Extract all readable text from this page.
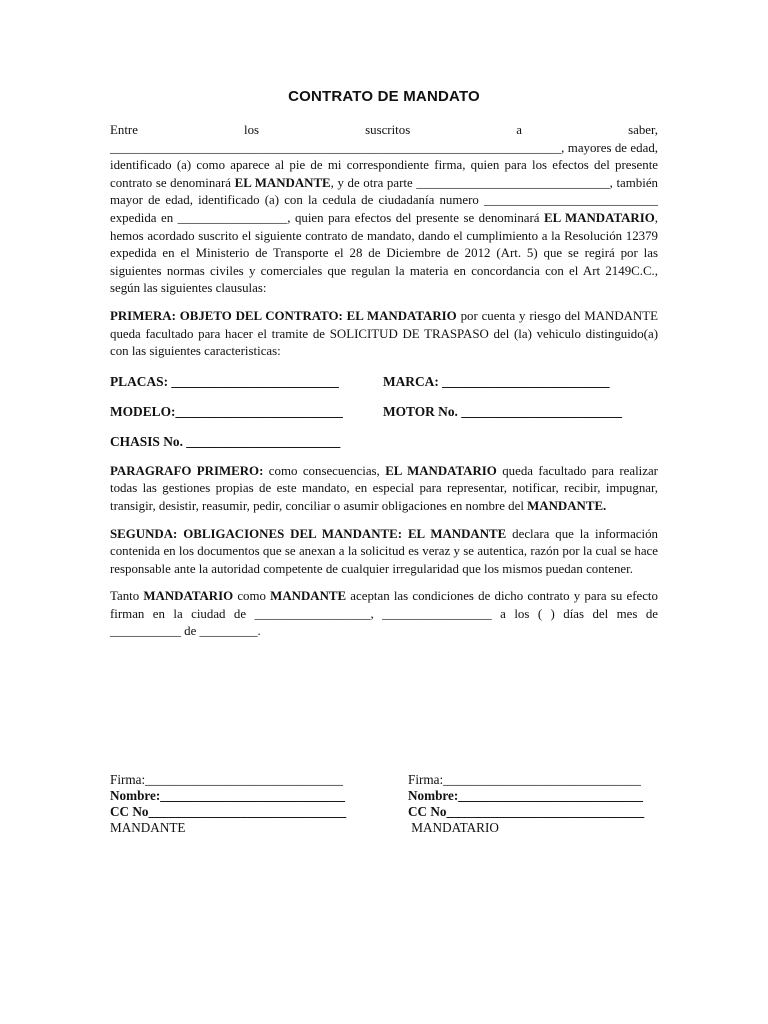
CONTRATO DE MANDATO
Entre los suscritos a saber,
______________________________________________________________________, mayores de edad, identificado (a) como aparece al pie de mi correspondiente firma, quien para los efectos del presente contrato se denominará EL MANDANTE, y de otra parte ______________________________, también mayor de edad, identificado (a) con la cedula de ciudadanía numero ___________________________ expedida en _________________, quien para efectos del presente se denominará EL MANDATARIO, hemos acordado suscrito el siguiente contrato de mandato, dando el cumplimiento a la Resolución 12379 expedida en el Ministerio de Transporte el 28 de Diciembre de 2012 (Art. 5) que se regirá por las siguientes normas civiles y comerciales que regulan la materia en concordancia con el Art 2149C.C., según las siguientes clausulas:
PRIMERA: OBJETO DEL CONTRATO: EL MANDATARIO por cuenta y riesgo del MANDANTE queda facultado para hacer el tramite de SOLICITUD DE TRASPASO del (la) vehiculo distinguido(a) con las siguientes caracteristicas:
PLACAS: _________________________	MARCA: _________________________
MODELO:_________________________	MOTOR No. ________________________
CHASIS No. _______________________
PARAGRAFO PRIMERO: como consecuencias, EL MANDATARIO queda facultado para realizar todas las gestiones propias de este mandato, en especial para representar, notificar, recibir, impugnar, transigir, desistir, reasumir, pedir, conciliar o asumir obligaciones en nombre del MANDANTE.
SEGUNDA: OBLIGACIONES DEL MANDANTE: EL MANDANTE declara que la información contenida en los documentos que se anexan a la solicitud es veraz y se autentica, razón por la cual se hace responsable ante la autoridad competente de cualquier irregularidad que los mismos puedan contener.
Tanto MANDATARIO como MANDANTE aceptan las condiciones de dicho contrato y para su efecto firman en la ciudad de __________________, _________________ a los ( ) días del mes de ___________ de _________.
Firma:______________________________
Nombre:____________________________
CC No______________________________
MANDANTE
Firma:______________________________
Nombre:____________________________
CC No______________________________
MANDATARIO
